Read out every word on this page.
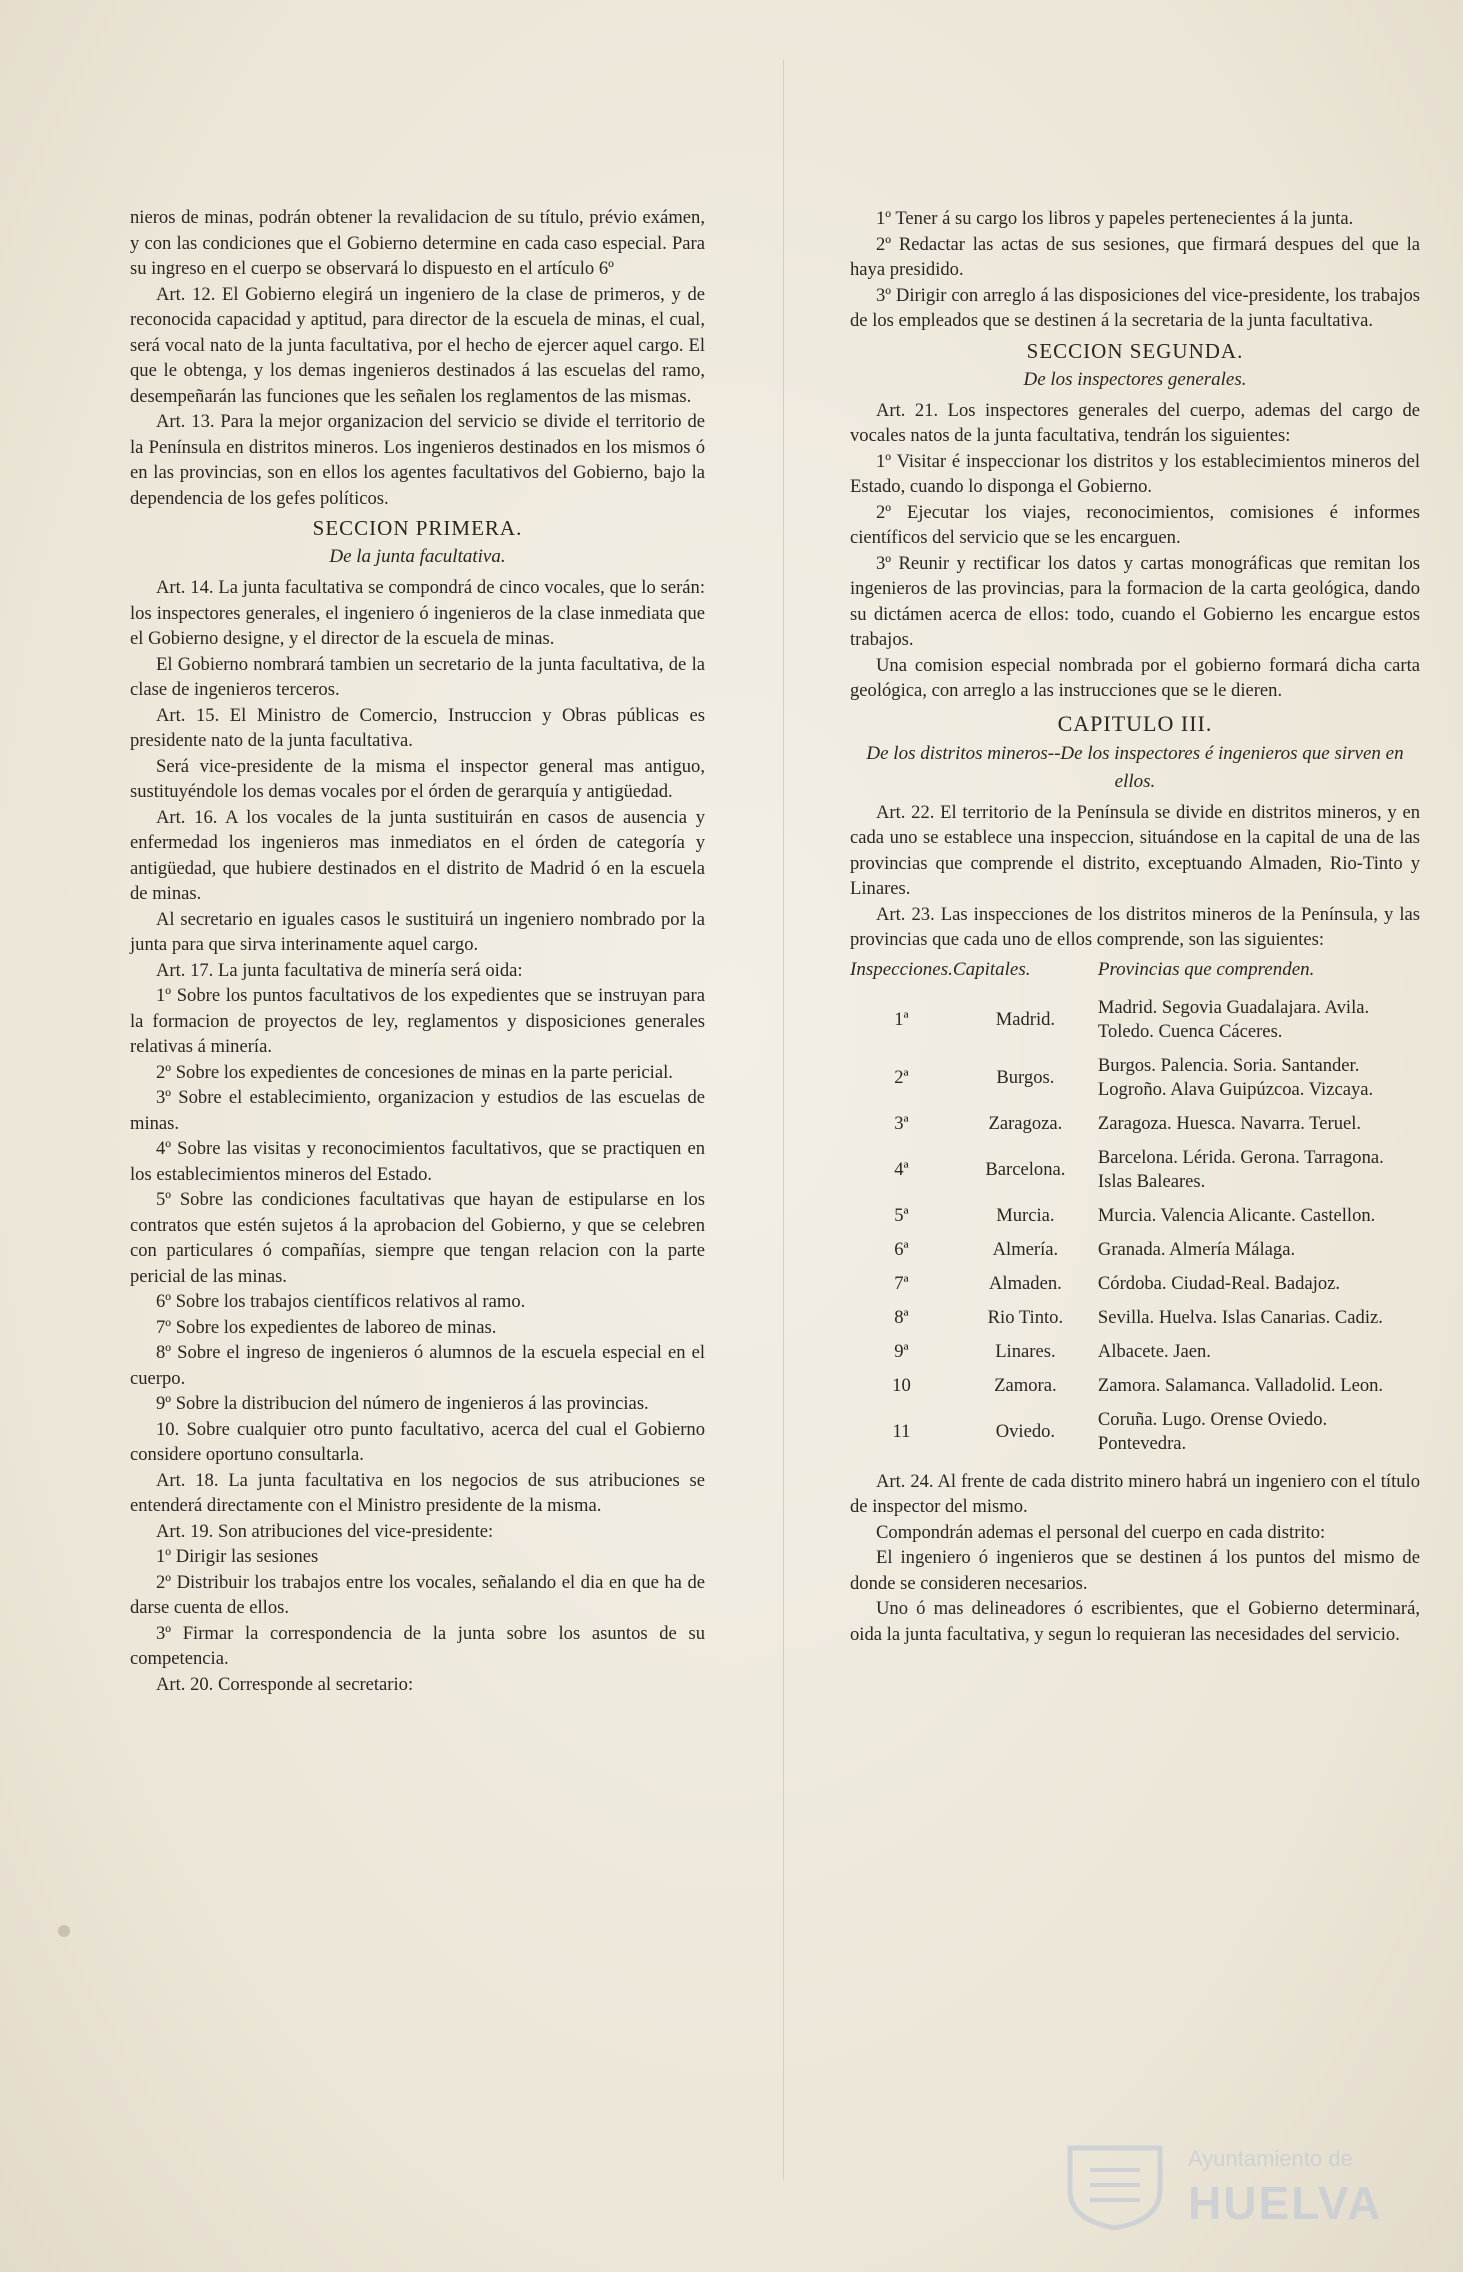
nieros de minas, podrán obtener la revalidacion de su título, prévio exámen, y con las condiciones que el Gobierno determine en cada caso especial. Para su ingreso en el cuerpo se observará lo dispuesto en el artículo 6º

Art. 12. El Gobierno elegirá un ingeniero de la clase de primeros, y de reconocida capacidad y aptitud, para director de la escuela de minas, el cual, será vocal nato de la junta facultativa, por el hecho de ejercer aquel cargo. El que le obtenga, y los demas ingenieros destinados á las escuelas del ramo, desempeñarán las funciones que les señalen los reglamentos de las mismas.

Art. 13. Para la mejor organizacion del servicio se divide el territorio de la Península en distritos mineros. Los ingenieros destinados en los mismos ó en las provincias, son en ellos los agentes facultativos del Gobierno, bajo la dependencia de los gefes políticos.

SECCION PRIMERA.
De la junta facultativa.

Art. 14. La junta facultativa se compondrá de cinco vocales, que lo serán: los inspectores generales, el ingeniero ó ingenieros de la clase inmediata que el Gobierno designe, y el director de la escuela de minas.

El Gobierno nombrará tambien un secretario de la junta facultativa, de la clase de ingenieros terceros.

Art. 15. El Ministro de Comercio, Instruccion y Obras públicas es presidente nato de la junta facultativa.

Será vice-presidente de la misma el inspector general mas antiguo, sustituyéndole los demas vocales por el órden de gerarquía y antigüedad.

Art. 16. A los vocales de la junta sustituirán en casos de ausencia y enfermedad los ingenieros mas inmediatos en el órden de categoría y antigüedad, que hubiere destinados en el distrito de Madrid ó en la escuela de minas.

Al secretario en iguales casos le sustituirá un ingeniero nombrado por la junta para que sirva interinamente aquel cargo.

Art. 17. La junta facultativa de minería será oida:

1º Sobre los puntos facultativos de los expedientes que se instruyan para la formacion de proyectos de ley, reglamentos y disposiciones generales relativas á minería.

2º Sobre los expedientes de concesiones de minas en la parte pericial.

3º Sobre el establecimiento, organizacion y estudios de las escuelas de minas.

4º Sobre las visitas y reconocimientos facultativos, que se practiquen en los establecimientos mineros del Estado.

5º Sobre las condiciones facultativas que hayan de estipularse en los contratos que estén sujetos á la aprobacion del Gobierno, y que se celebren con particulares ó compañías, siempre que tengan relacion con la parte pericial de las minas.

6º Sobre los trabajos científicos relativos al ramo.

7º Sobre los expedientes de laboreo de minas.

8º Sobre el ingreso de ingenieros ó alumnos de la escuela especial en el cuerpo.

9º Sobre la distribucion del número de ingenieros á las provincias.

10. Sobre cualquier otro punto facultativo, acerca del cual el Gobierno considere oportuno consultarla.

Art. 18. La junta facultativa en los negocios de sus atribuciones se entenderá directamente con el Ministro presidente de la misma.

Art. 19. Son atribuciones del vice-presidente:

1º Dirigir las sesiones

2º Distribuir los trabajos entre los vocales, señalando el dia en que ha de darse cuenta de ellos.

3º Firmar la correspondencia de la junta sobre los asuntos de su competencia.

Art. 20. Corresponde al secretario:

1º Tener á su cargo los libros y papeles pertenecientes á la junta.

2º Redactar las actas de sus sesiones, que firmará despues del que la haya presidido.

3º Dirigir con arreglo á las disposiciones del vice-presidente, los trabajos de los empleados que se destinen á la secretaria de la junta facultativa.

SECCION SEGUNDA.
De los inspectores generales.

Art. 21. Los inspectores generales del cuerpo, ademas del cargo de vocales natos de la junta facultativa, tendrán los siguientes:

1º Visitar é inspeccionar los distritos y los establecimientos mineros del Estado, cuando lo disponga el Gobierno.

2º Ejecutar los viajes, reconocimientos, comisiones é informes científicos del servicio que se les encarguen.

3º Reunir y rectificar los datos y cartas monográficas que remitan los ingenieros de las provincias, para la formacion de la carta geológica, dando su dictámen acerca de ellos: todo, cuando el Gobierno les encargue estos trabajos.

Una comision especial nombrada por el gobierno formará dicha carta geológica, con arreglo a las instrucciones que se le dieren.

CAPITULO III.
De los distritos mineros--De los inspectores é ingenieros que sirven en ellos.

Art. 22. El territorio de la Península se divide en distritos mineros, y en cada uno se establece una inspeccion, situándose en la capital de una de las provincias que comprende el distrito, exceptuando Almaden, Rio-Tinto y Linares.

Art. 23. Las inspecciones de los distritos mineros de la Península, y las provincias que cada uno de ellos comprende, son las siguientes:

Inspecciones.	Capitales.	Provincias que comprenden.
1ª	Madrid.	Madrid. Segovia Guadalajara. Avila. Toledo. Cuenca Cáceres.
2ª	Burgos.	Burgos. Palencia. Soria. Santander. Logroño. Alava Guipúzcoa. Vizcaya.
3ª	Zaragoza.	Zaragoza. Huesca. Navarra. Teruel.
4ª	Barcelona.	Barcelona. Lérida. Gerona. Tarragona. Islas Baleares.
5ª	Murcia.	Murcia. Valencia Alicante. Castellon.
6ª	Almería.	Granada. Almería Málaga.
7ª	Almaden.	Córdoba. Ciudad-Real. Badajoz.
8ª	Rio Tinto.	Sevilla. Huelva. Islas Canarias. Cadiz.
9ª	Linares.	Albacete. Jaen.
10	Zamora.	Zamora. Salamanca. Valladolid. Leon.
11	Oviedo.	Coruña. Lugo. Orense Oviedo. Pontevedra.

Art. 24. Al frente de cada distrito minero habrá un ingeniero con el título de inspector del mismo.

Compondrán ademas el personal del cuerpo en cada distrito:

El ingeniero ó ingenieros que se destinen á los puntos del mismo de donde se consideren necesarios.

Uno ó mas delineadores ó escribientes, que el Gobierno determinará, oida la junta facultativa, y segun lo requieran las necesidades del servicio.

Ayuntamiento de
HUELVA
